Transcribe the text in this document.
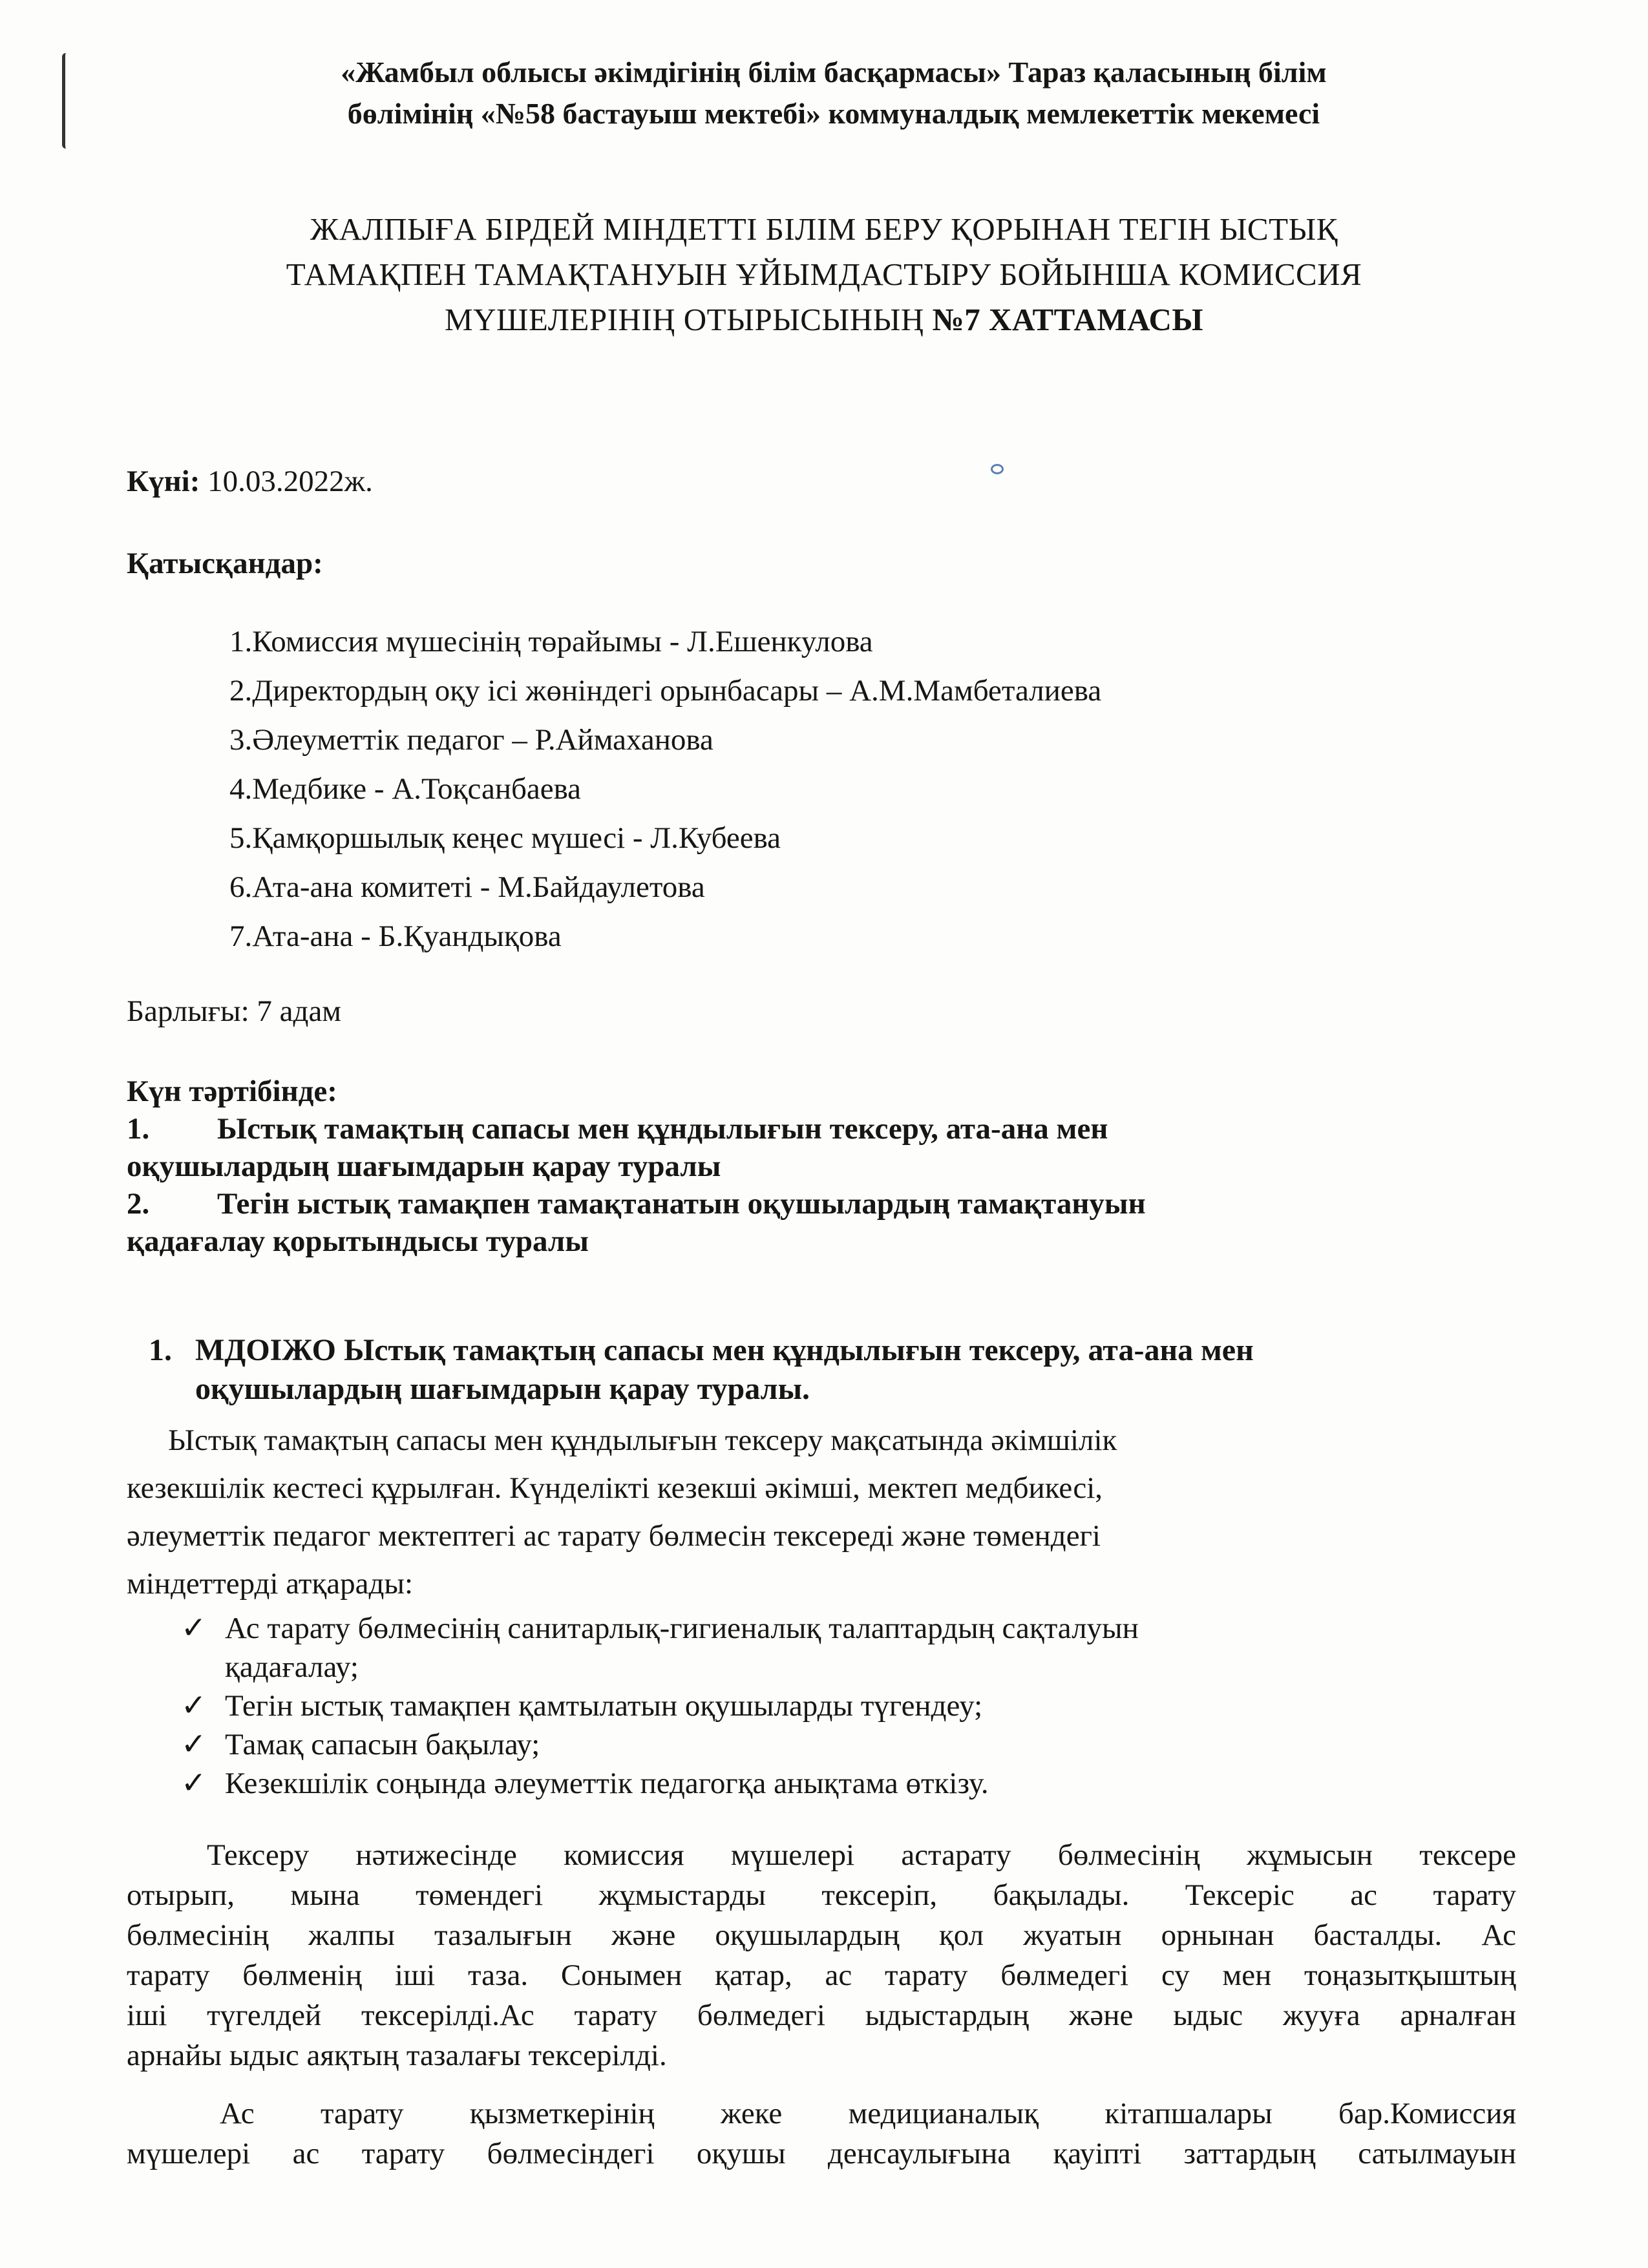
«Жамбыл облысы әкімдігінің білім басқармасы» Тараз қаласының білім
бөлімінің «№58 бастауыш мектебі» коммуналдық мемлекеттік мекемесі
ЖАЛПЫҒА БІРДЕЙ МІНДЕТТІ БІЛІМ БЕРУ ҚОРЫНАН ТЕГІН ЫСТЫҚ
ТАМАҚПЕН ТАМАҚТАНУЫН ҰЙЫМДАСТЫРУ БОЙЫНША КОМИССИЯ
МҮШЕЛЕРІНІҢ ОТЫРЫСЫНЫҢ №7 ХАТТАМАСЫ
Күні: 10.03.2022ж.
Қатысқандар:
1.Комиссия мүшесінің төрайымы - Л.Ешенкулова
2.Директордың оқу ісі жөніндегі орынбасары – А.М.Мамбеталиева
3.Әлеуметтік педагог – Р.Аймаханова
4.Медбике - А.Тоқсанбаева
5.Қамқоршылық кеңес мүшесі - Л.Кубеева
6.Ата-ана комитеті - М.Байдаулетова
7.Ата-ана - Б.Қуандықова
Барлығы: 7 адам
Күн тәртібінде:
1. Ыстық тамақтың сапасы мен құндылығын тексеру, ата-ана мен
оқушылардың шағымдарын қарау туралы
2. Тегін ыстық тамақпен тамақтанатын оқушылардың тамақтануын
қадағалау қорытындысы туралы
1. МДОІЖО Ыстық тамақтың сапасы мен құндылығын тексеру, ата-ана мен
оқушылардың шағымдарын қарау туралы.
Ыстық тамақтың сапасы мен құндылығын тексеру мақсатында әкімшілік
кезекшілік кестесі құрылған. Күнделікті кезекші әкімші, мектеп медбикесі,
әлеуметтік педагог мектептегі ас тарату бөлмесін тексереді және төмендегі
міндеттерді атқарады:
✓ Ас тарату бөлмесінің санитарлық-гигиеналық талаптардың сақталуын
қадағалау;
✓ Тегін ыстық тамақпен қамтылатын оқушыларды түгендеу;
✓ Тамақ сапасын бақылау;
✓ Кезекшілік соңында әлеуметтік педагогқа анықтама өткізу.
Тексеру нәтижесінде комиссия мүшелері астарату бөлмесінің жұмысын тексере
отырып, мына төмендегі жұмыстарды тексеріп, бақылады. Тексеріс ас тарату
бөлмесінің жалпы тазалығын және оқушылардың қол жуатын орнынан басталды. Ас
тарату бөлменің іші таза. Сонымен қатар, ас тарату бөлмедегі су мен тоңазытқыштың
іші түгелдей тексерілді.Ас тарату бөлмедегі ыдыстардың және ыдыс жууға арналған
арнайы ыдыс аяқтың тазалағы тексерілді.
Ас тарату қызметкерінің жеке медицианалық кітапшалары бар.Комиссия
мүшелері ас тарату бөлмесіндегі оқушы денсаулығына қауіпті заттардың сатылмауын
